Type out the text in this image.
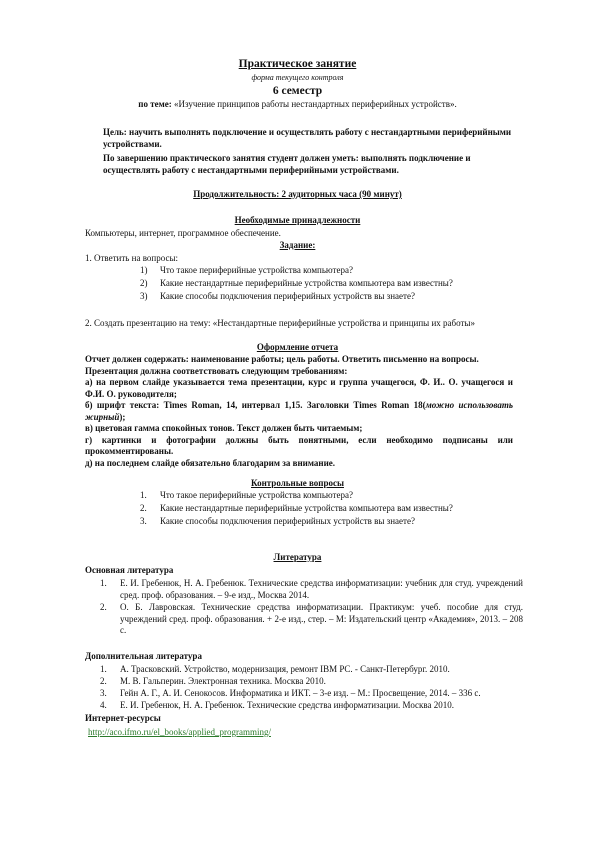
Практическое занятие
форма текущего контроля
6 семестр
по теме: «Изучение принципов работы нестандартных периферийных устройств».
Цель: научить выполнять подключение и осуществлять работу с нестандартными периферийными устройствами.
По завершению практического занятия студент должен уметь: выполнять подключение и осуществлять работу с нестандартными периферийными устройствами.
Продолжительность: 2 аудиторных часа (90 минут)
Необходимые принадлежности
Компьютеры, интернет, программное обеспечение.
Задание:
1. Ответить на вопросы:
1) Что такое периферийные устройства компьютера?
2) Какие нестандартные периферийные устройства компьютера вам известны?
3) Какие способы подключения периферийных устройств вы знаете?
2. Создать презентацию на тему: «Нестандартные периферийные устройства и принципы их работы»
Оформление отчета
Отчет должен содержать: наименование работы; цель работы. Ответить письменно на вопросы.
Презентация должна соответствовать следующим требованиям:
а) на первом слайде указывается тема презентации, курс и группа учащегося, Ф. И.. О. учащегося и Ф.И. О. руководителя;
б) шрифт текста: Times Roman, 14, интервал 1,15. Заголовки Times Roman 18(можно использовать жирный);
в) цветовая гамма спокойных тонов. Текст должен быть читаемым;
г) картинки и фотографии должны быть понятными, если необходимо подписаны или прокомментированы.
д) на последнем слайде обязательно благодарим за внимание.
Контрольные вопросы
1. Что такое периферийные устройства компьютера?
2. Какие нестандартные периферийные устройства компьютера вам известны?
3. Какие способы подключения периферийных устройств вы знаете?
Литература
Основная литература
1. Е. И. Гребенюк, Н. А. Гребенюк. Технические средства информатизации: учебник для студ. учреждений сред. проф. образования. – 9-е изд., Москва 2014.
2. О. Б. Лавровская. Технические средства информатизации. Практикум: учеб. пособие для студ. учреждений сред. проф. образования. + 2-е изд., стер. – М: Издательский центр «Академия», 2013. – 208 с.
Дополнительная литература
1. А. Трасковский. Устройство, модернизация, ремонт IBM PC. - Санкт-Петербург. 2010.
2. М. В. Гальперин. Электронная техника. Москва 2010.
3. Гейн А. Г., А. И. Сенокосов. Информатика и ИКТ. – 3-е изд. – М.: Просвещение, 2014. – 336 с.
4. Е. И. Гребенюк, Н. А. Гребенюк. Технические средства информатизации. Москва 2010.
Интернет-ресурсы
http://aco.ifmo.ru/el_books/applied_programming/
